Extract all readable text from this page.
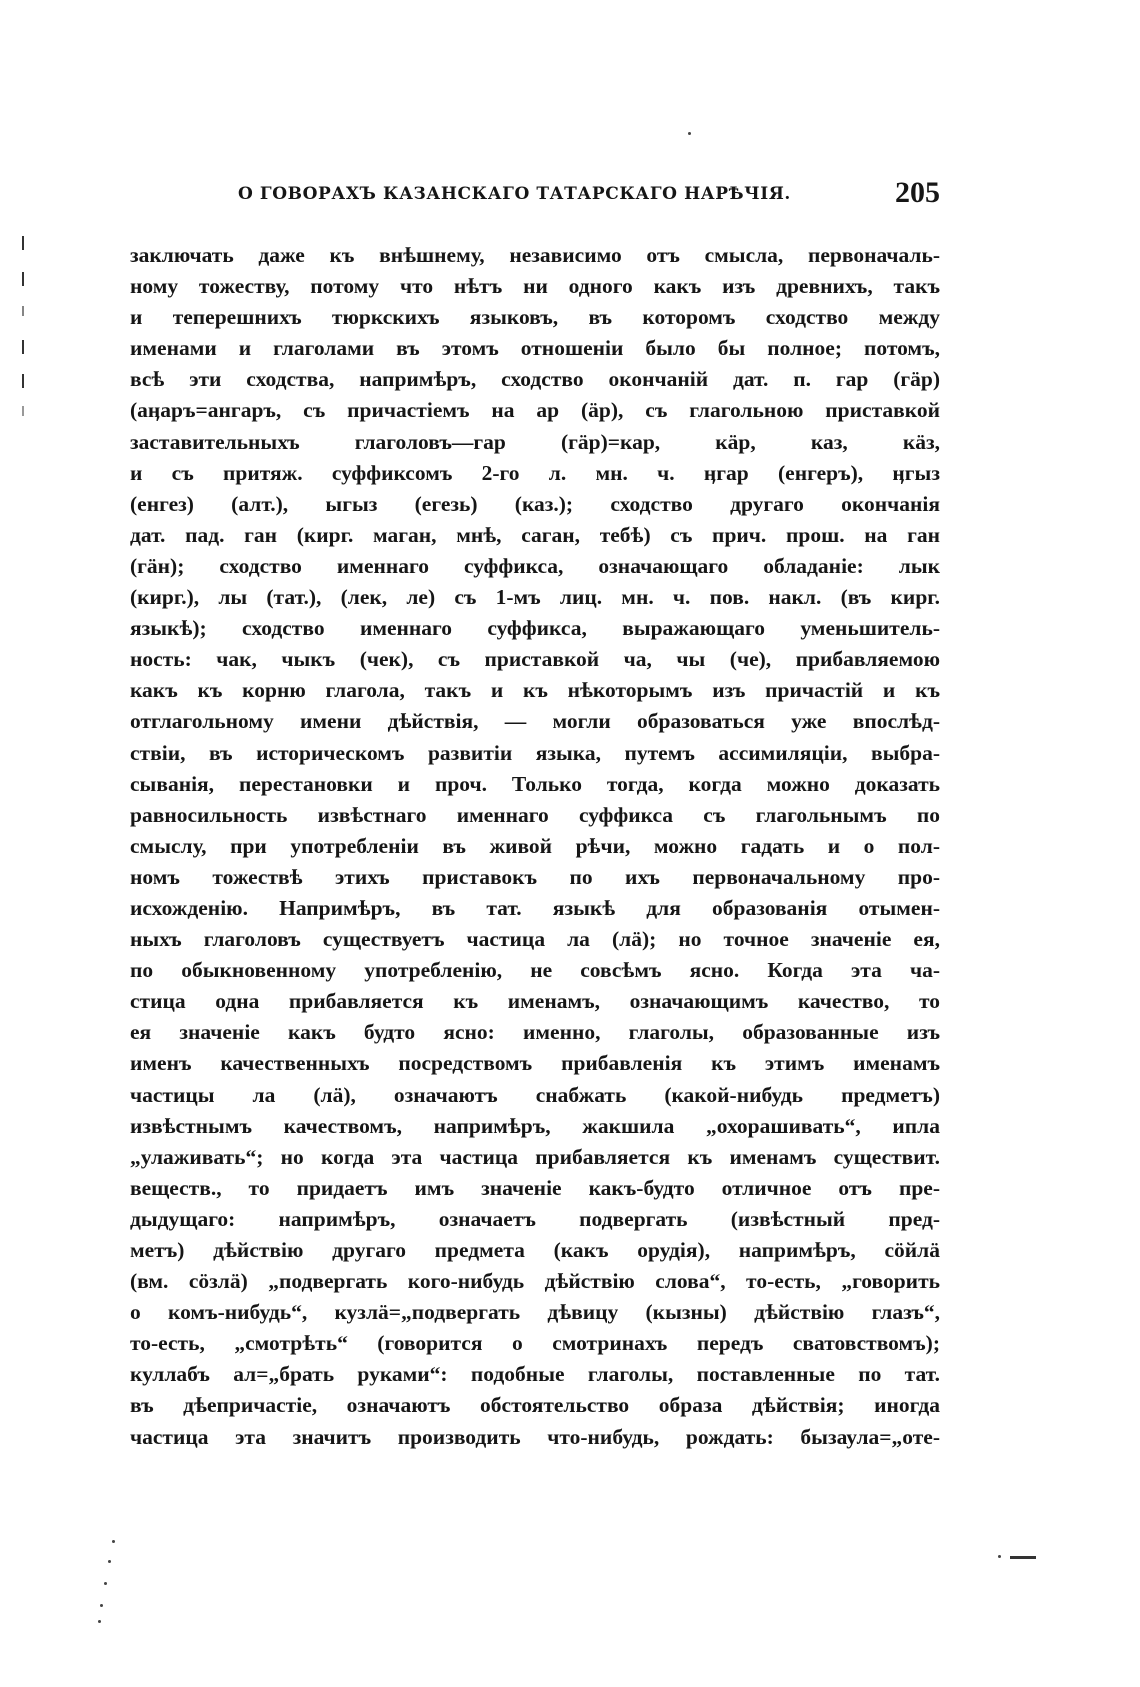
О ГОВОРАХЪ КАЗАНСКАГО ТАТАРСКАГО НАРѢЧІЯ.	205
заключать даже къ внѣшнему, независимо отъ смысла, первоначаль-
ному тожеству, потому что нѣтъ ни одного какъ изъ древнихъ, такъ
и теперешнихъ тюркскихъ языковъ, въ которомъ сходство между
именами и глаголами въ этомъ отношеніи было бы полное; потомъ,
всѣ эти сходства, напримѣръ, сходство окончаній дат. п. гар (гӓр)
(аӊаръ=ангаръ, съ причастіемъ на ар (ӓр), съ глагольною приставкой
заставительныхъ глаголовъ—гар (гӓр)=кар, кӓр, каз, кӓз,
и съ притяж. суффиксомъ 2-го л. мн. ч. ӊгар (енгеръ), ӊгыз
(енгез) (алт.), ыгыз (егезь) (каз.); сходство другаго окончанія
дат. пад. ган (кирг. маган, мнѣ, саган, тебѣ) съ прич. прош. на ган
(гӓн); сходство именнаго суффикса, означающаго обладаніе: лык
(кирг.), лы (тат.), (лек, ле) съ 1-мъ лиц. мн. ч. пов. накл. (въ кирг.
языкѣ); сходство именнаго суффикса, выражающаго уменьшитель-
ность: чак, чыкъ (чек), съ приставкой ча, чы (че), прибавляемою
какъ къ корню глагола, такъ и къ нѣкоторымъ изъ причастій и къ
отглагольному имени дѣйствія, — могли образоваться уже впослѣд-
ствіи, въ историческомъ развитіи языка, путемъ ассимиляціи, выбра-
сыванія, перестановки и проч. Только тогда, когда можно доказать
равносильность извѣстнаго именнаго суффикса съ глагольнымъ по
смыслу, при употребленіи въ живой рѣчи, можно гадать и о пол-
номъ тожествѣ этихъ приставокъ по ихъ первоначальному про-
исхожденію. Напримѣръ, въ тат. языкѣ для образованія отымен-
ныхъ глаголовъ существуетъ частица ла (лӓ); но точное значеніе ея,
по обыкновенному употребленію, не совсѣмъ ясно. Когда эта ча-
стица одна прибавляется къ именамъ, означающимъ качество, то
ея значеніе какъ будто ясно: именно, глаголы, образованные изъ
именъ качественныхъ посредствомъ прибавленія къ этимъ именамъ
частицы ла (лӓ), означаютъ снабжать (какой-нибудь предметъ)
извѣстнымъ качествомъ, напримѣръ, жакшила „охорашивать“, ипла
„улаживать“; но когда эта частица прибавляется къ именамъ существит.
веществ., то придаетъ имъ значеніе какъ-будто отличное отъ пре-
дыдущаго: напримѣръ, означаетъ подвергать (извѣстный пред-
метъ) дѣйствію другаго предмета (какъ орудія), напримѣръ, сӧйлӓ
(вм. сӧзлӓ) „подвергать кого-нибудь дѣйствію слова“, то-есть, „говорить
о комъ-нибудь“, кузлӓ=„подвергать дѣвицу (кызны) дѣйствію глазъ“,
то-есть, „смотрѣть“ (говорится о смотринахъ передъ сватовствомъ);
куллабъ ал=„брать руками“: подобные глаголы, поставленные по тат.
въ дѣепричастіе, означаютъ обстоятельство образа дѣйствія; иногда
частица эта значитъ производить что-нибудь, рождать: бызаула=„оте-
